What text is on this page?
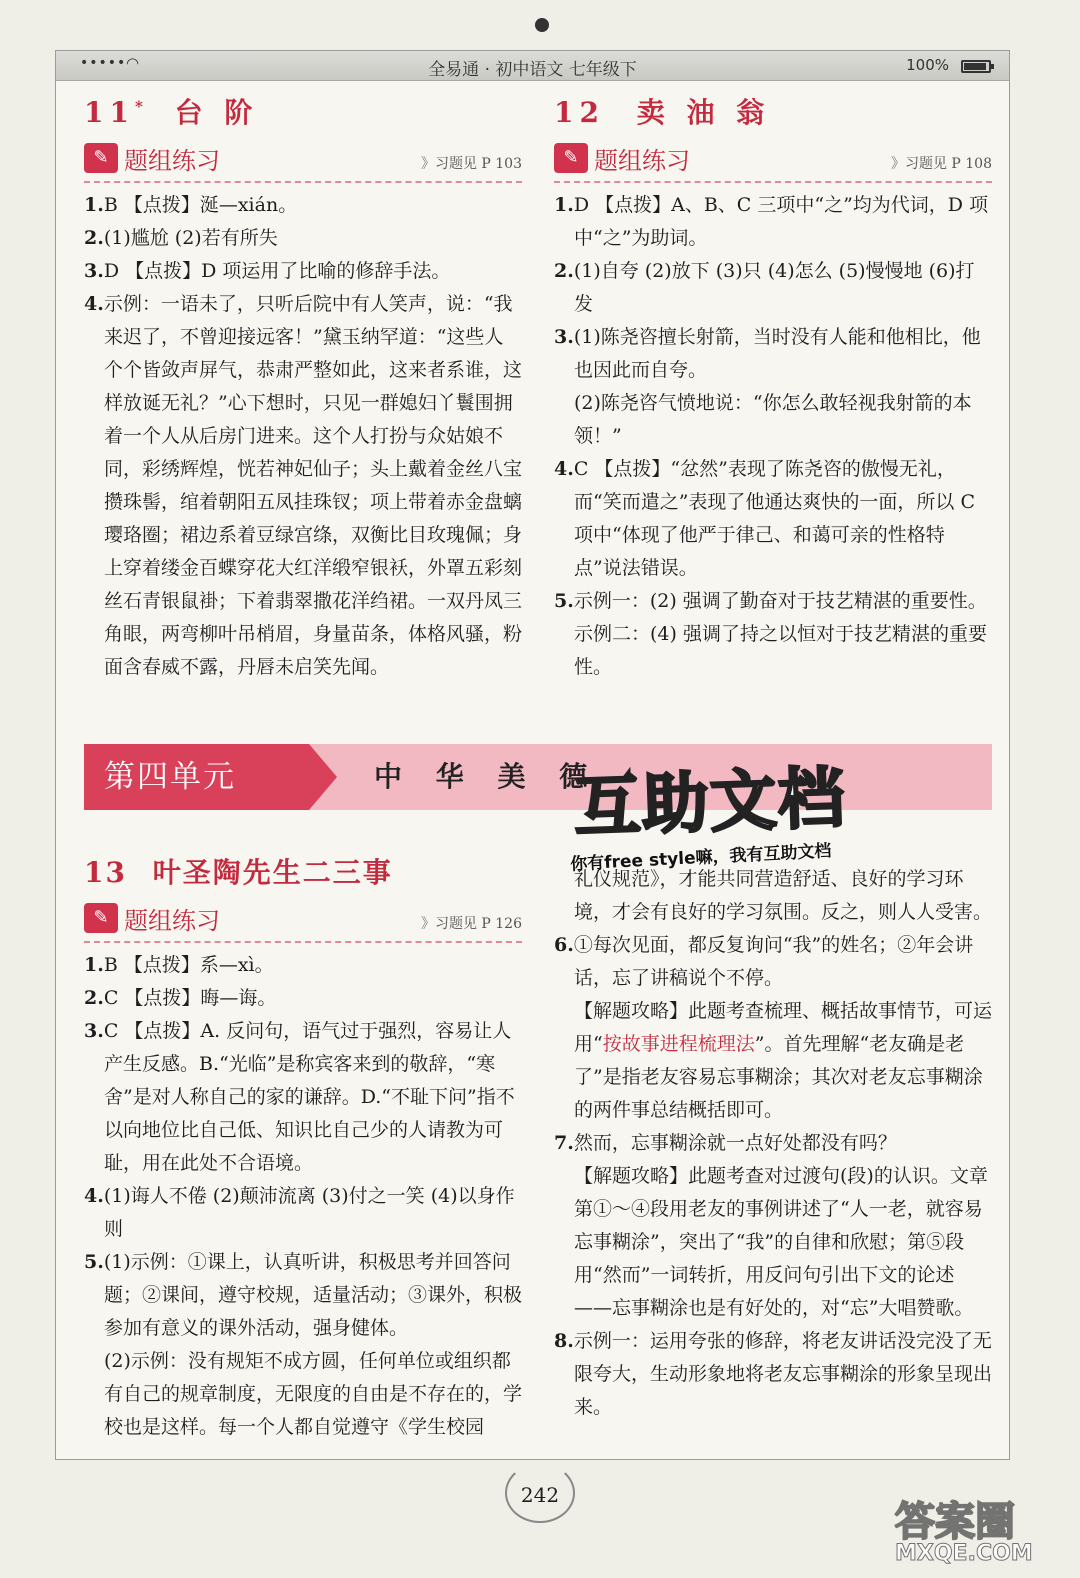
••••• ◠	全易通 · 初中语文 七年级下	100%
11* 台 阶
✎ 题组练习	》习题见 P 103

1.B 【点拨】涎—xián。

2.(1)尴尬 (2)若有所失

3.D 【点拨】D 项运用了比喻的修辞手法。

4.示例：一语未了，只听后院中有人笑声，说：“我来迟了，不曾迎接远客！”黛玉纳罕道：“这些人个个皆敛声屏气，恭肃严整如此，这来者系谁，这样放诞无礼？”心下想时，只见一群媳妇丫鬟围拥着一个人从后房门进来。这个人打扮与众姑娘不同，彩绣辉煌，恍若神妃仙子；头上戴着金丝八宝攒珠髻，绾着朝阳五凤挂珠钗；项上带着赤金盘螭璎珞圈；裙边系着豆绿宫绦，双衡比目玫瑰佩；身上穿着缕金百蝶穿花大红洋缎窄银袄，外罩五彩刻丝石青银鼠褂；下着翡翠撒花洋绉裙。一双丹凤三角眼，两弯柳叶吊梢眉，身量苗条，体格风骚，粉面含春威不露，丹唇未启笑先闻。

12 卖 油 翁
✎ 题组练习	》习题见 P 108

1.D 【点拨】A、B、C 三项中“之”均为代词，D 项中“之”为助词。

2.(1)自夸 (2)放下 (3)只 (4)怎么 (5)慢慢地 (6)打发

3.(1)陈尧咨擅长射箭，当时没有人能和他相比，他也因此而自夸。

(2)陈尧咨气愤地说：“你怎么敢轻视我射箭的本领！”

4.C 【点拨】“忿然”表现了陈尧咨的傲慢无礼，而“笑而遣之”表现了他通达爽快的一面，所以 C 项中“体现了他严于律己、和蔼可亲的性格特点”说法错误。

5.示例一：(2) 强调了勤奋对于技艺精湛的重要性。

示例二：(4) 强调了持之以恒对于技艺精湛的重要性。

第四单元	中 华 美 德
互助文档
你有free style嘛，我有互助文档
13 叶圣陶先生二三事
✎ 题组练习	》习题见 P 126

1.B 【点拨】系—xì。

2.C 【点拨】晦—诲。

3.C 【点拨】A. 反问句，语气过于强烈，容易让人产生反感。B.“光临”是称宾客来到的敬辞，“寒舍”是对人称自己的家的谦辞。D.“不耻下问”指不以向地位比自己低、知识比自己少的人请教为可耻，用在此处不合语境。

4.(1)诲人不倦 (2)颠沛流离 (3)付之一笑 (4)以身作则

5.(1)示例：①课上，认真听讲，积极思考并回答问题；②课间，遵守校规，适量活动；③课外，积极参加有意义的课外活动，强身健体。

(2)示例：没有规矩不成方圆，任何单位或组织都有自己的规章制度，无限度的自由是不存在的，学校也是这样。每一个人都自觉遵守《学生校园

礼仪规范》，才能共同营造舒适、良好的学习环境，才会有良好的学习氛围。反之，则人人受害。

6.①每次见面，都反复询问“我”的姓名；②年会讲话，忘了讲稿说个不停。

【解题攻略】此题考查梳理、概括故事情节，可运用“按故事进程梳理法”。首先理解“老友确是老了”是指老友容易忘事糊涂；其次对老友忘事糊涂的两件事总结概括即可。

7.然而，忘事糊涂就一点好处都没有吗？

【解题攻略】此题考查对过渡句(段)的认识。文章第①～④段用老友的事例讲述了“人一老，就容易忘事糊涂”，突出了“我”的自律和欣慰；第⑤段用“然而”一词转折，用反问句引出下文的论述——忘事糊涂也是有好处的，对“忘”大唱赞歌。

8.示例一：运用夸张的修辞，将老友讲话没完没了无限夸大，生动形象地将老友忘事糊涂的形象呈现出来。

242
答案圈
MXQE.COM
